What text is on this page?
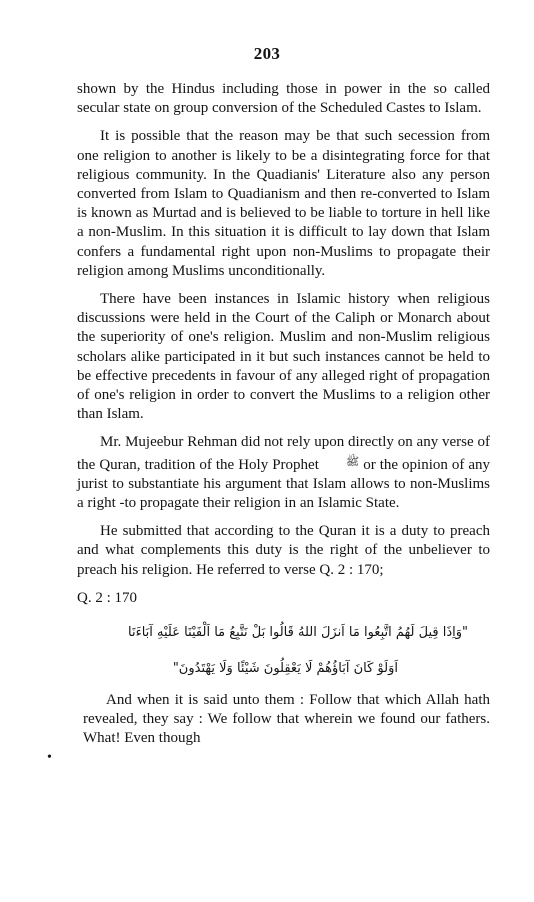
203

shown by the Hindus including those in power in the so called secular state on group conversion of the Scheduled Castes to Islam.

It is possible that the reason may be that such secession from one religion to another is likely to be a disintegrating force for that religious community. In the Quadianis' Literature also any person converted from Islam to Quadianism and then re-converted to Islam is known as Murtad and is believed to be liable to torture in hell like a non-Muslim. In this situation it is difficult to lay down that Islam confers a fundamental right upon non-Muslims to propagate their religion among Muslims unconditionally.

There have been instances in Islamic history when religious discussions were held in the Court of the Caliph or Monarch about the superiority of one's religion. Muslim and non-Muslim religious scholars alike participated in it but such instances cannot be held to be effective precedents in favour of any alleged right of propagation of one's religion in order to convert the Muslims to a religion other than Islam.

Mr. Mujeebur Rehman did not rely upon directly on any verse of the Quran, tradition of the Holy Prophet ﷺ or the opinion of any jurist to substantiate his argument that Islam allows to non-Muslims a right -to propagate their religion in an Islamic State.

He submitted that according to the Quran it is a duty to preach and what complements this duty is the right of the unbeliever to preach his religion. He referred to verse Q. 2 : 170;

Q. 2 : 170

"وَاِذَا قِيلَ لَهُمُ اتَّبِعُوا مَا اَنزَلَ اللهُ قَالُوا بَلْ نَتَّبِعُ مَا اَلْفَيْنَا عَلَيْهِ آبَاءَنَا

اَوَلَوْ كَانَ آبَاؤُهُمْ لَا يَعْقِلُونَ شَيْئًا وَلَا يَهْتَدُونَ"

•

And when it is said unto them : Follow that which Allah hath revealed, they say : We follow that wherein we found our fathers. What! Even though
